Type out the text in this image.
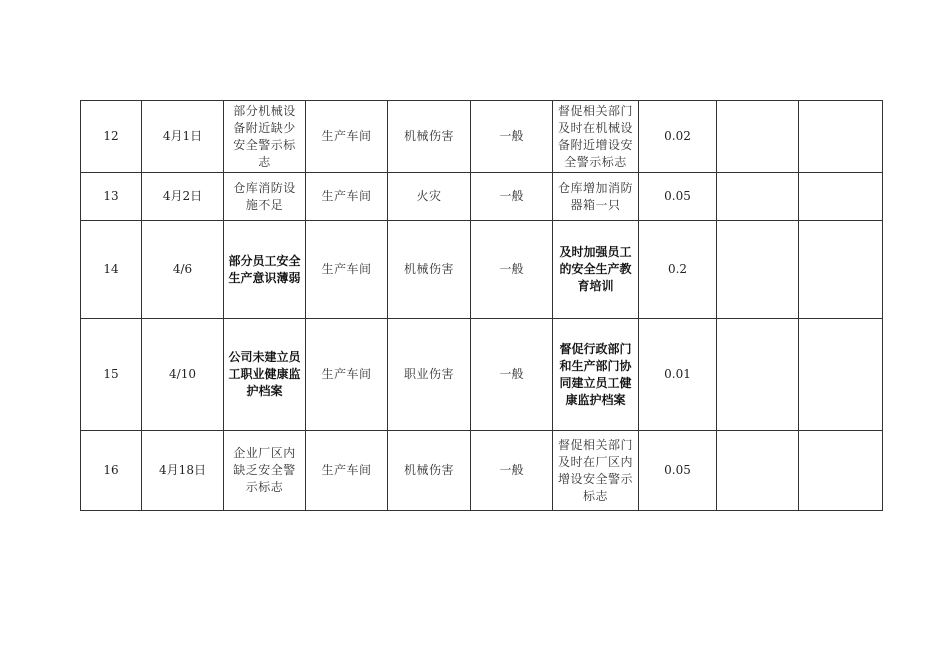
12	4月1日	部分机械设备附近缺少安全警示标志	生产车间	机械伤害	一般	督促相关部门及时在机械设备附近增设安全警示标志	0.02		
13	4月2日	仓库消防设施不足	生产车间	火灾	一般	仓库增加消防器箱一只	0.05		
14	4/6	部分员工安全生产意识薄弱	生产车间	机械伤害	一般	及时加强员工的安全生产教育培训	0.2		
15	4/10	公司未建立员工职业健康监护档案	生产车间	职业伤害	一般	督促行政部门和生产部门协同建立员工健康监护档案	0.01		
16	4月18日	企业厂区内缺乏安全警示标志	生产车间	机械伤害	一般	督促相关部门及时在厂区内增设安全警示标志	0.05		
